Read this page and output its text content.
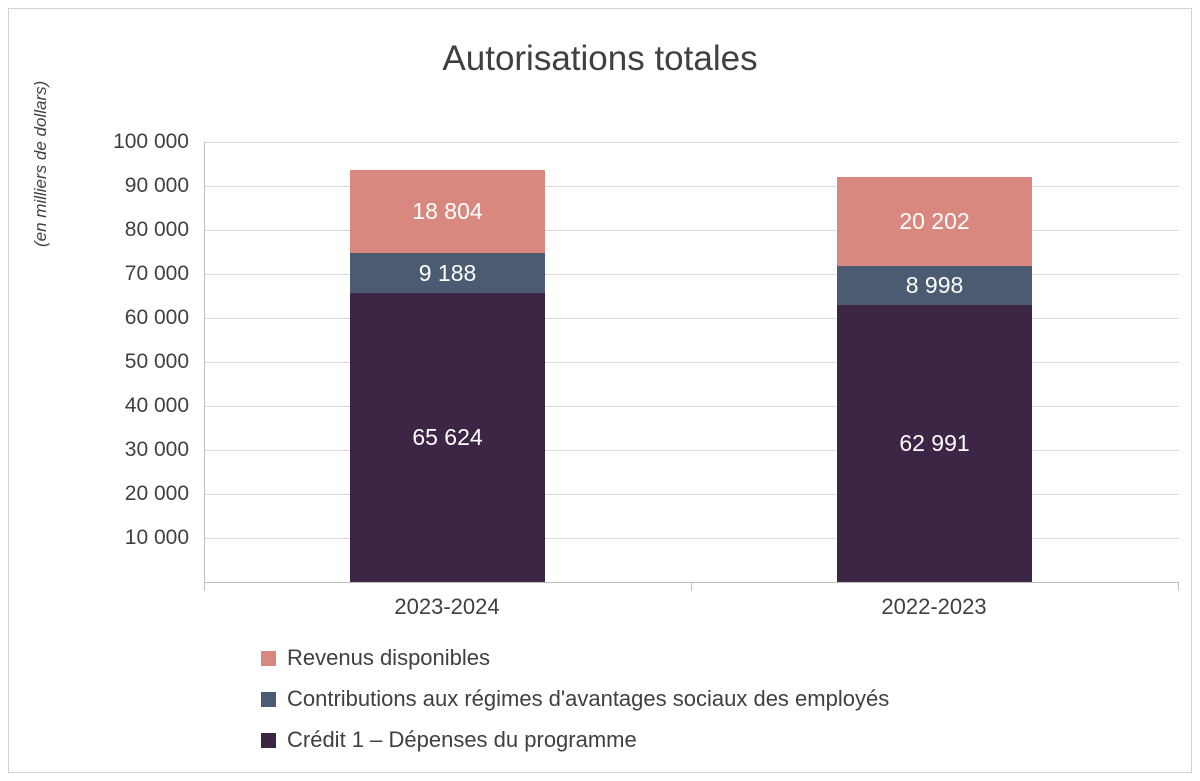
Autorisations totales
(en milliers de dollars)	100 000
90 000
80 000
70 000
60 000
50 000
40 000
30 000
20 000
10 000
65 624
9 188
18 804
2023-2024
62 991
8 998
20 202
2022-2023
Revenus disponibles
Contributions aux régimes d'avantages sociaux des employés
Crédit 1 – Dépenses du programme
